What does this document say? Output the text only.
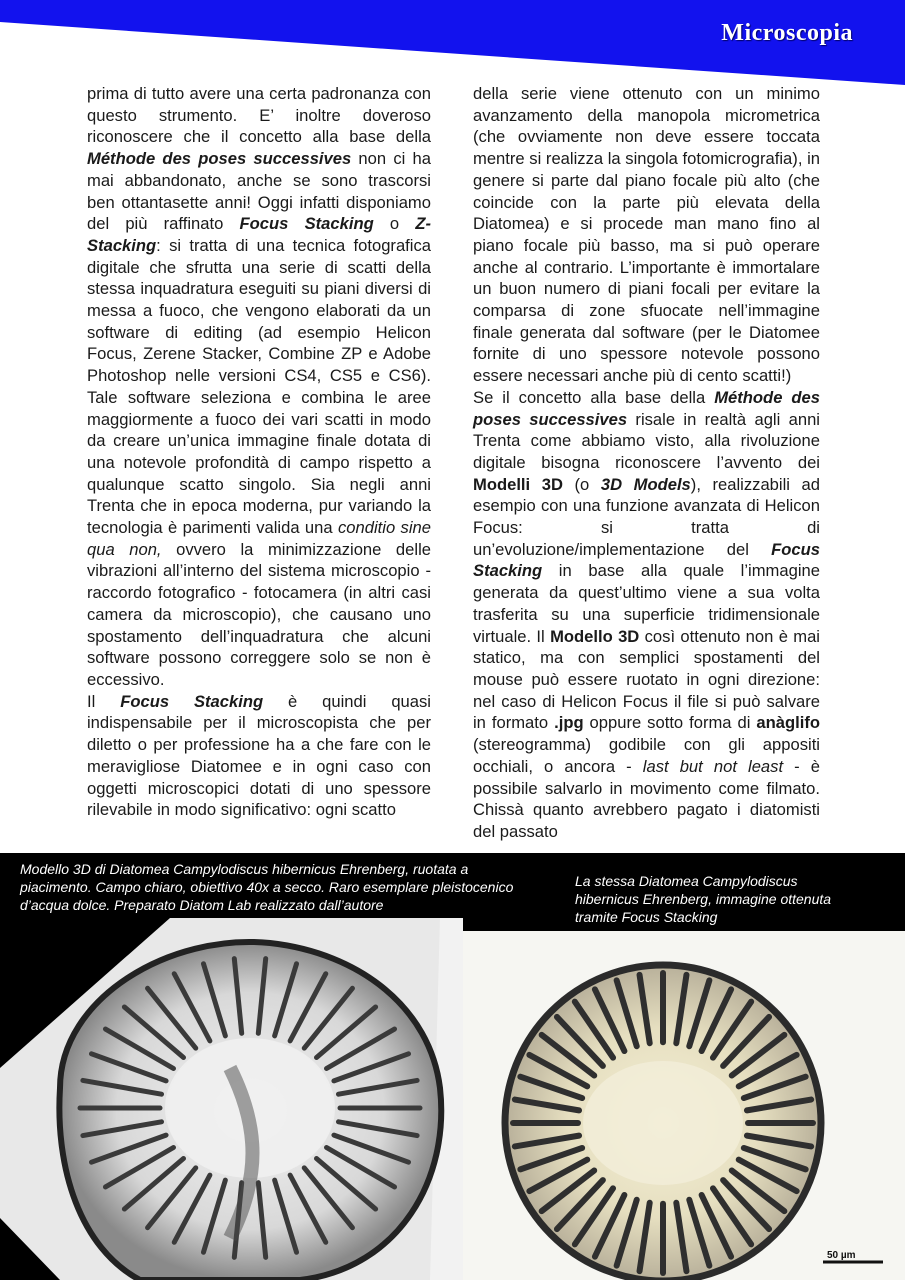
Microscopia

prima di tutto avere una certa padronanza con questo strumento. E’ inoltre doveroso riconoscere che il concetto alla base della Méthode des poses successives non ci ha mai abbandonato, anche se sono trascorsi ben ottantasette anni! Oggi infatti disponiamo del più raffinato Focus Stacking o Z-Stacking: si tratta di una tecnica fotografica digitale che sfrutta una serie di scatti della stessa inquadratura eseguiti su piani diversi di messa a fuoco, che vengono elaborati da un software di editing (ad esempio Helicon Focus, Zerene Stacker, Combine ZP e Adobe Photoshop nelle versioni CS4, CS5 e CS6). Tale software seleziona e combina le aree maggiormente a fuoco dei vari scatti in modo da creare un’unica immagine finale dotata di una notevole profondità di campo rispetto a qualunque scatto singolo. Sia negli anni Trenta che in epoca moderna, pur variando la tecnologia è parimenti valida una conditio sine qua non, ovvero la minimizzazione delle vibrazioni all’interno del sistema microscopio - raccordo fotografico - fotocamera (in altri casi camera da microscopio), che causano uno spostamento dell’inquadratura che alcuni software possono correggere solo se non è eccessivo.

Il Focus Stacking è quindi quasi indispensabile per il microscopista che per diletto o per professione ha a che fare con le meravigliose Diatomee e in ogni caso con oggetti microscopici dotati di uno spessore rilevabile in modo significativo: ogni scatto

della serie viene ottenuto con un minimo avanzamento della manopola micrometrica (che ovviamente non deve essere toccata mentre si realizza la singola fotomicrografia), in genere si parte dal piano focale più alto (che coincide con la parte più elevata della Diatomea) e si procede man mano fino al piano focale più basso, ma si può operare anche al contrario. L’importante è immortalare un buon numero di piani focali per evitare la comparsa di zone sfuocate nell’immagine finale generata dal software (per le Diatomee fornite di uno spessore notevole possono essere necessari anche più di cento scatti!)

Se il concetto alla base della Méthode des poses successives risale in realtà agli anni Trenta come abbiamo visto, alla rivoluzione digitale bisogna riconoscere l’avvento dei Modelli 3D (o 3D Models), realizzabili ad esempio con una funzione avanzata di Helicon Focus: si tratta di un’evoluzione/implementazione del Focus Stacking in base alla quale l’immagine generata da quest’ultimo viene a sua volta trasferita su una superficie tridimensionale virtuale. Il Modello 3D così ottenuto non è mai statico, ma con semplici spostamenti del mouse può essere ruotato in ogni direzione: nel caso di Helicon Focus il file si può salvare in formato .jpg oppure sotto forma di anàglifo (stereogramma) godibile con gli appositi occhiali, o ancora - last but not least - è possibile salvarlo in movimento come filmato. Chissà quanto avrebbero pagato i diatomisti del passato

Modello 3D di Diatomea Campylodiscus hibernicus Ehrenberg, ruotata a piacimento. Campo chiaro, obiettivo 40x a secco. Raro esemplare pleistocenico d’acqua dolce. Preparato Diatom Lab realizzato dall’autore
La stessa Diatomea Campylodiscus hibernicus Ehrenberg, immagine ottenuta tramite Focus Stacking
50 µm
